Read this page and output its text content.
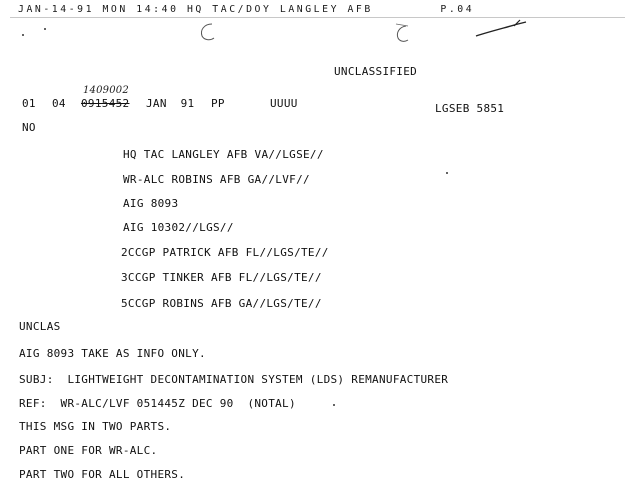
JAN-14-91 MON 14:40 HQ TAC/DOY LANGLEY AFB        P.04
UNCLASSIFIED
01 04
1409002
0915452 JAN  91 PP	UUUU	LGSEB 5851
NO
HQ TAC LANGLEY AFB VA//LGSE//
WR-ALC ROBINS AFB GA//LVF//
AIG 8093
AIG 10302//LGS//
2CCGP PATRICK AFB FL//LGS/TE//
3CCGP TINKER AFB FL//LGS/TE//
5CCGP ROBINS AFB GA//LGS/TE//
UNCLAS
AIG 8093 TAKE AS INFO ONLY.
SUBJ:  LIGHTWEIGHT DECONTAMINATION SYSTEM (LDS) REMANUFACTURER
REF:  WR-ALC/LVF 051445Z DEC 90  (NOTAL)
THIS MSG IN TWO PARTS.
PART ONE FOR WR-ALC.
PART TWO FOR ALL OTHERS.
